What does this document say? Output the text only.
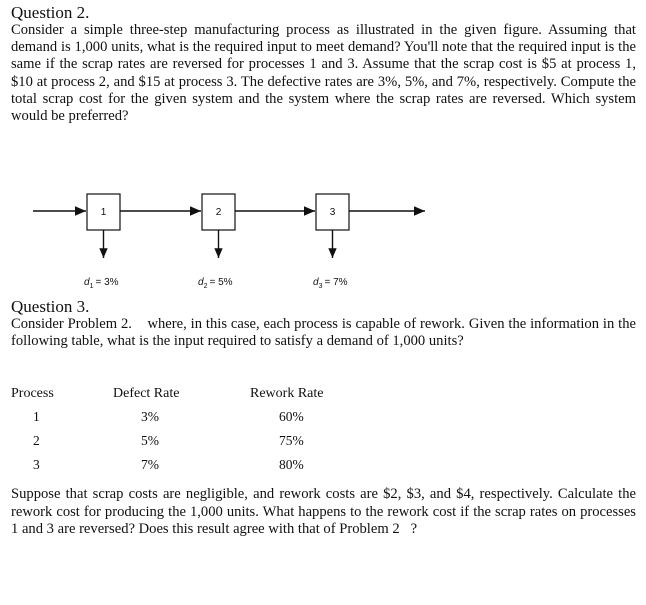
Question 2.
Consider a simple three-step manufacturing process as illustrated in the given figure. Assuming that demand is 1,000 units, what is the required input to meet demand? You'll note that the required input is the same if the scrap rates are reversed for processes 1 and 3. Assume that the scrap cost is $5 at process 1, $10 at process 2, and $15 at process 3. The defective rates are 3%, 5%, and 7%, respectively. Compute the total scrap cost for the given system and the system where the scrap rates are reversed. Which system would be preferred?
1	2	3
$d_1 = 3\%$	$d_2 = 5\%$	$d_3 = 7\%$
Question 3.
Consider Problem 2. where, in this case, each process is capable of rework. Given the information in the following table, what is the input required to satisfy a demand of 1,000 units?
Process	Defect Rate	Rework Rate
1	3%	60%
2	5%	75%
3	7%	80%
Suppose that scrap costs are negligible, and rework costs are $2, $3, and $4, respectively. Calculate the rework cost for producing the 1,000 units. What happens to the rework cost if the scrap rates on processes 1 and 3 are reversed? Does this result agree with that of Problem 2 ?
